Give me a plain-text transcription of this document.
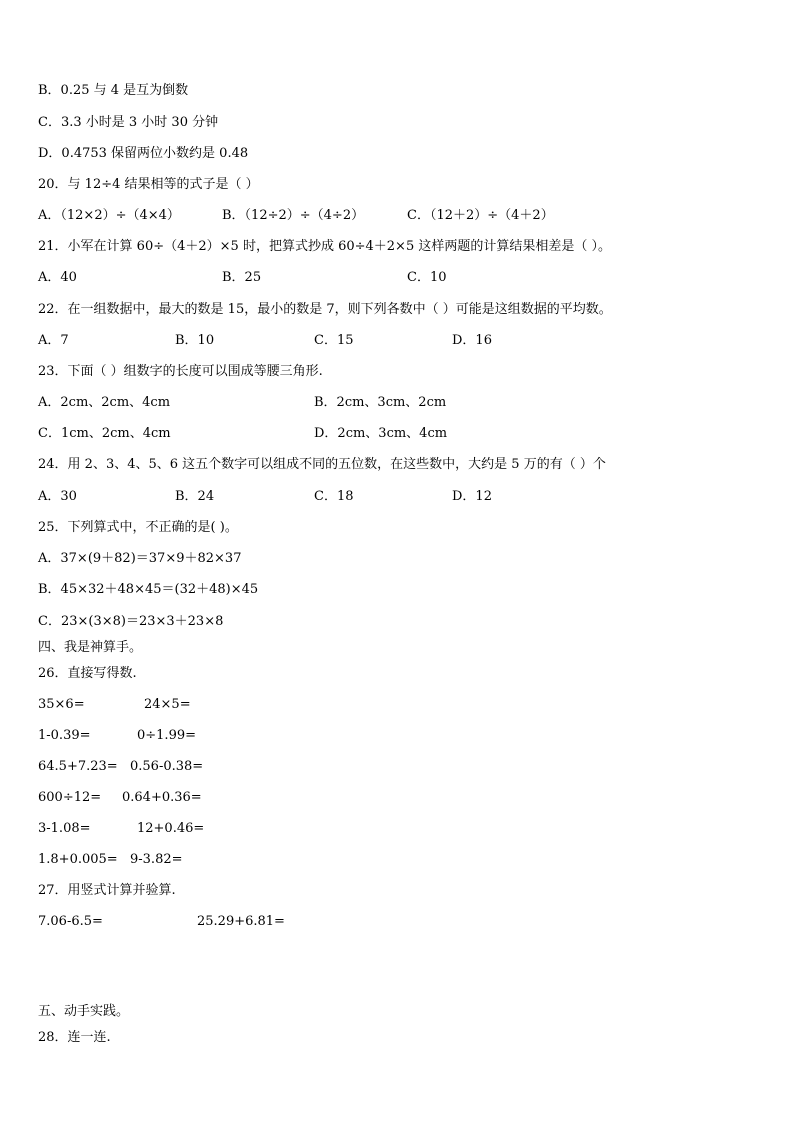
B．0.25 与 4 是互为倒数
C．3.3 小时是 3 小时 30 分钟
D．0.4753 保留两位小数约是 0.48
20．与 12÷4 结果相等的式子是（ ）
A．（12×2）÷（4×4）	B．（12÷2）÷（4÷2）	C．（12＋2）÷（4＋2）
21．小军在计算 60÷（4＋2）×5 时，把算式抄成 60÷4＋2×5 这样两题的计算结果相差是（ ）。
A．40	B．25	C．10
22．在一组数据中，最大的数是 15，最小的数是 7，则下列各数中（ ）可能是这组数据的平均数。
A．7	B．10	C．15	D．16
23．下面（ ）组数字的长度可以围成等腰三角形.
A．2cm、2cm、4cm	B．2cm、3cm、2cm
C．1cm、2cm、4cm	D．2cm、3cm、4cm
24．用 2、3、4、5、6 这五个数字可以组成不同的五位数，在这些数中，大约是 5 万的有（ ）个
A．30	B．24	C．18	D．12
25．下列算式中，不正确的是( )。
A．37×(9＋82)＝37×9＋82×37
B．45×32＋48×45＝(32＋48)×45
C．23×(3×8)＝23×3＋23×8
四、我是神算手。
26．直接写得数.
35×6=	24×5=
1-0.39=	0÷1.99=
64.5+7.23= 0.56-0.38=
600÷12= 0.64+0.36=
3-1.08=	12+0.46=
1.8+0.005= 9-3.82=
27．用竖式计算并验算.
7.06-6.5=	25.29+6.81=
五、动手实践。
28．连一连.
